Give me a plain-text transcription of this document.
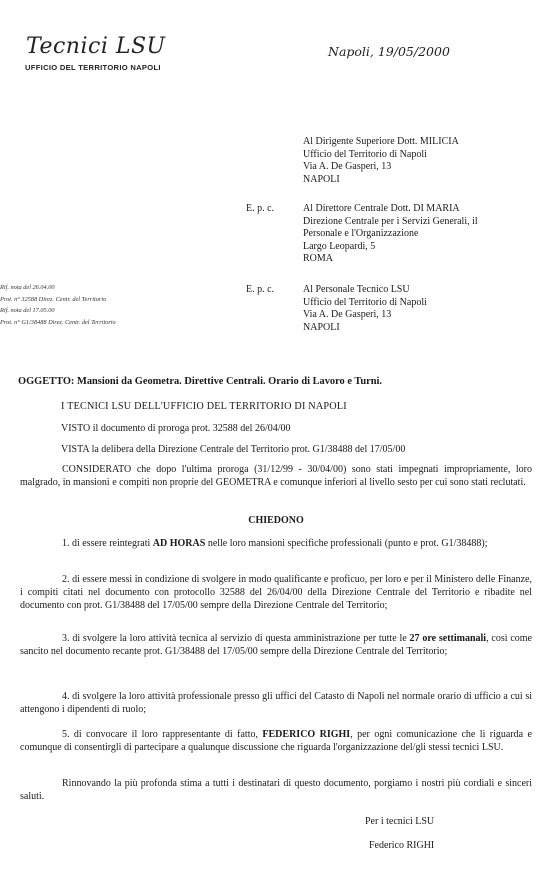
Tecnici LSU
UFFICIO DEL TERRITORIO NAPOLI
Napoli, 19/05/2000
Al Dirigente Superiore Dott. MILICIA
Ufficio del Territorio di Napoli
Via A. De Gasperi, 13
NAPOLI
E. p. c.	Al Direttore Centrale Dott. DI MARIA
Direzione Centrale per i Servizi Generali, il
Personale e l'Organizzazione
Largo Leopardi, 5
ROMA
E. p. c.	Al Personale Tecnico LSU
Ufficio del Territorio di Napoli
Via A. De Gasperi, 13
NAPOLI
Rif. nota del 26.04.00
Prot. n° 32588 Direz. Centr. del Territorio
Rif. nota del 17.05.00
Prot. n° G1/38488 Direz. Centr. del Territorio
OGGETTO: Mansioni da Geometra. Direttive Centrali. Orario di Lavoro e Turni.
I TECNICI LSU DELL'UFFICIO DEL TERRITORIO DI NAPOLI
VISTO il documento di proroga prot. 32588 del 26/04/00
VISTA la delibera della Direzione Centrale del Territorio prot. G1/38488 del 17/05/00
CONSIDERATO che dopo l'ultima proroga (31/12/99 - 30/04/00) sono stati impegnati impropriamente, loro malgrado, in mansioni e compiti non proprie del GEOMETRA e comunque inferiori al livello sesto per cui sono stati reclutati.
CHIEDONO
1. di essere reintegrati AD HORAS nelle loro mansioni specifiche professionali (punto e prot. G1/38488);
2. di essere messi in condizione di svolgere in modo qualificante e proficuo, per loro e per il Ministero delle Finanze, i compiti citati nel documento con protocollo 32588 del 26/04/00 della Direzione Centrale del Territorio e ribadite nel documento con prot. G1/38488 del 17/05/00 sempre della Direzione Centrale del Territorio;
3. di svolgere la loro attività tecnica al servizio di questa amministrazione per tutte le 27 ore settimanali, così come sancito nel documento recante prot. G1/38488 del 17/05/00 sempre della Direzione Centrale del Territorio;
4. di svolgere la loro attività professionale presso gli uffici del Catasto di Napoli nel normale orario di ufficio a cui si attengono i dipendenti di ruolo;
5. di convocare il loro rappresentante di fatto, FEDERICO RIGHI, per ogni comunicazione che li riguarda e comunque di consentirgli di partecipare a qualunque discussione che riguarda l'organizzazione del/gli stessi tecnici LSU.
Rinnovando la più profonda stima a tutti i destinatari di questo documento, porgiamo i nostri più cordiali e sinceri saluti.
Per i tecnici LSU
Federico RIGHI
